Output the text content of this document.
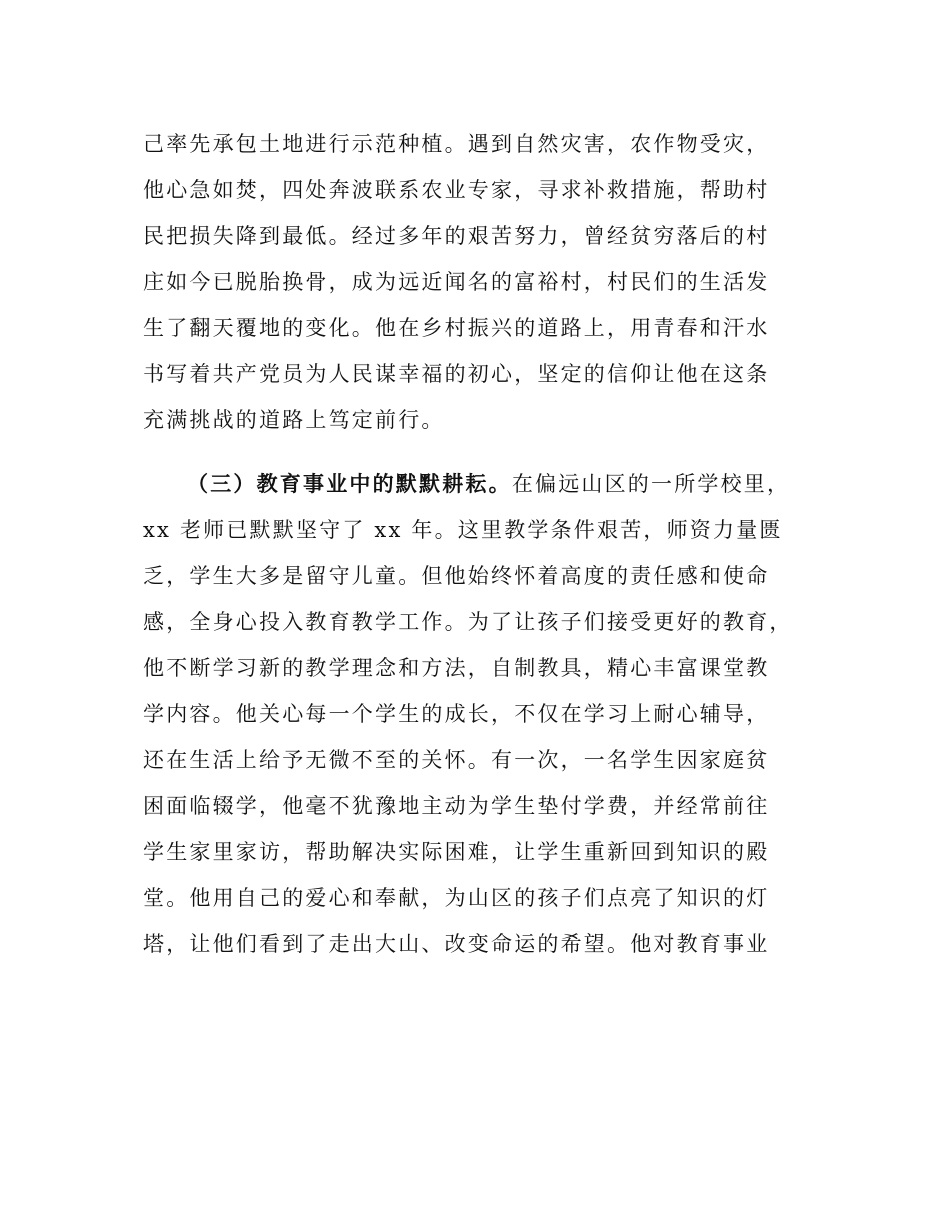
己率先承包土地进行示范种植。遇到自然灾害，农作物受灾，

他心急如焚，四处奔波联系农业专家，寻求补救措施，帮助村

民把损失降到最低。经过多年的艰苦努力，曾经贫穷落后的村

庄如今已脱胎换骨，成为远近闻名的富裕村，村民们的生活发

生了翻天覆地的变化。他在乡村振兴的道路上，用青春和汗水

书写着共产党员为人民谋幸福的初心，坚定的信仰让他在这条

充满挑战的道路上笃定前行。

（三）教育事业中的默默耕耘。在偏远山区的一所学校里，

xx 老师已默默坚守了 xx 年。这里教学条件艰苦，师资力量匮

乏，学生大多是留守儿童。但他始终怀着高度的责任感和使命

感，全身心投入教育教学工作。为了让孩子们接受更好的教育，

他不断学习新的教学理念和方法，自制教具，精心丰富课堂教

学内容。他关心每一个学生的成长，不仅在学习上耐心辅导，

还在生活上给予无微不至的关怀。有一次，一名学生因家庭贫

困面临辍学，他毫不犹豫地主动为学生垫付学费，并经常前往

学生家里家访，帮助解决实际困难，让学生重新回到知识的殿

堂。他用自己的爱心和奉献，为山区的孩子们点亮了知识的灯

塔，让他们看到了走出大山、改变命运的希望。他对教育事业
